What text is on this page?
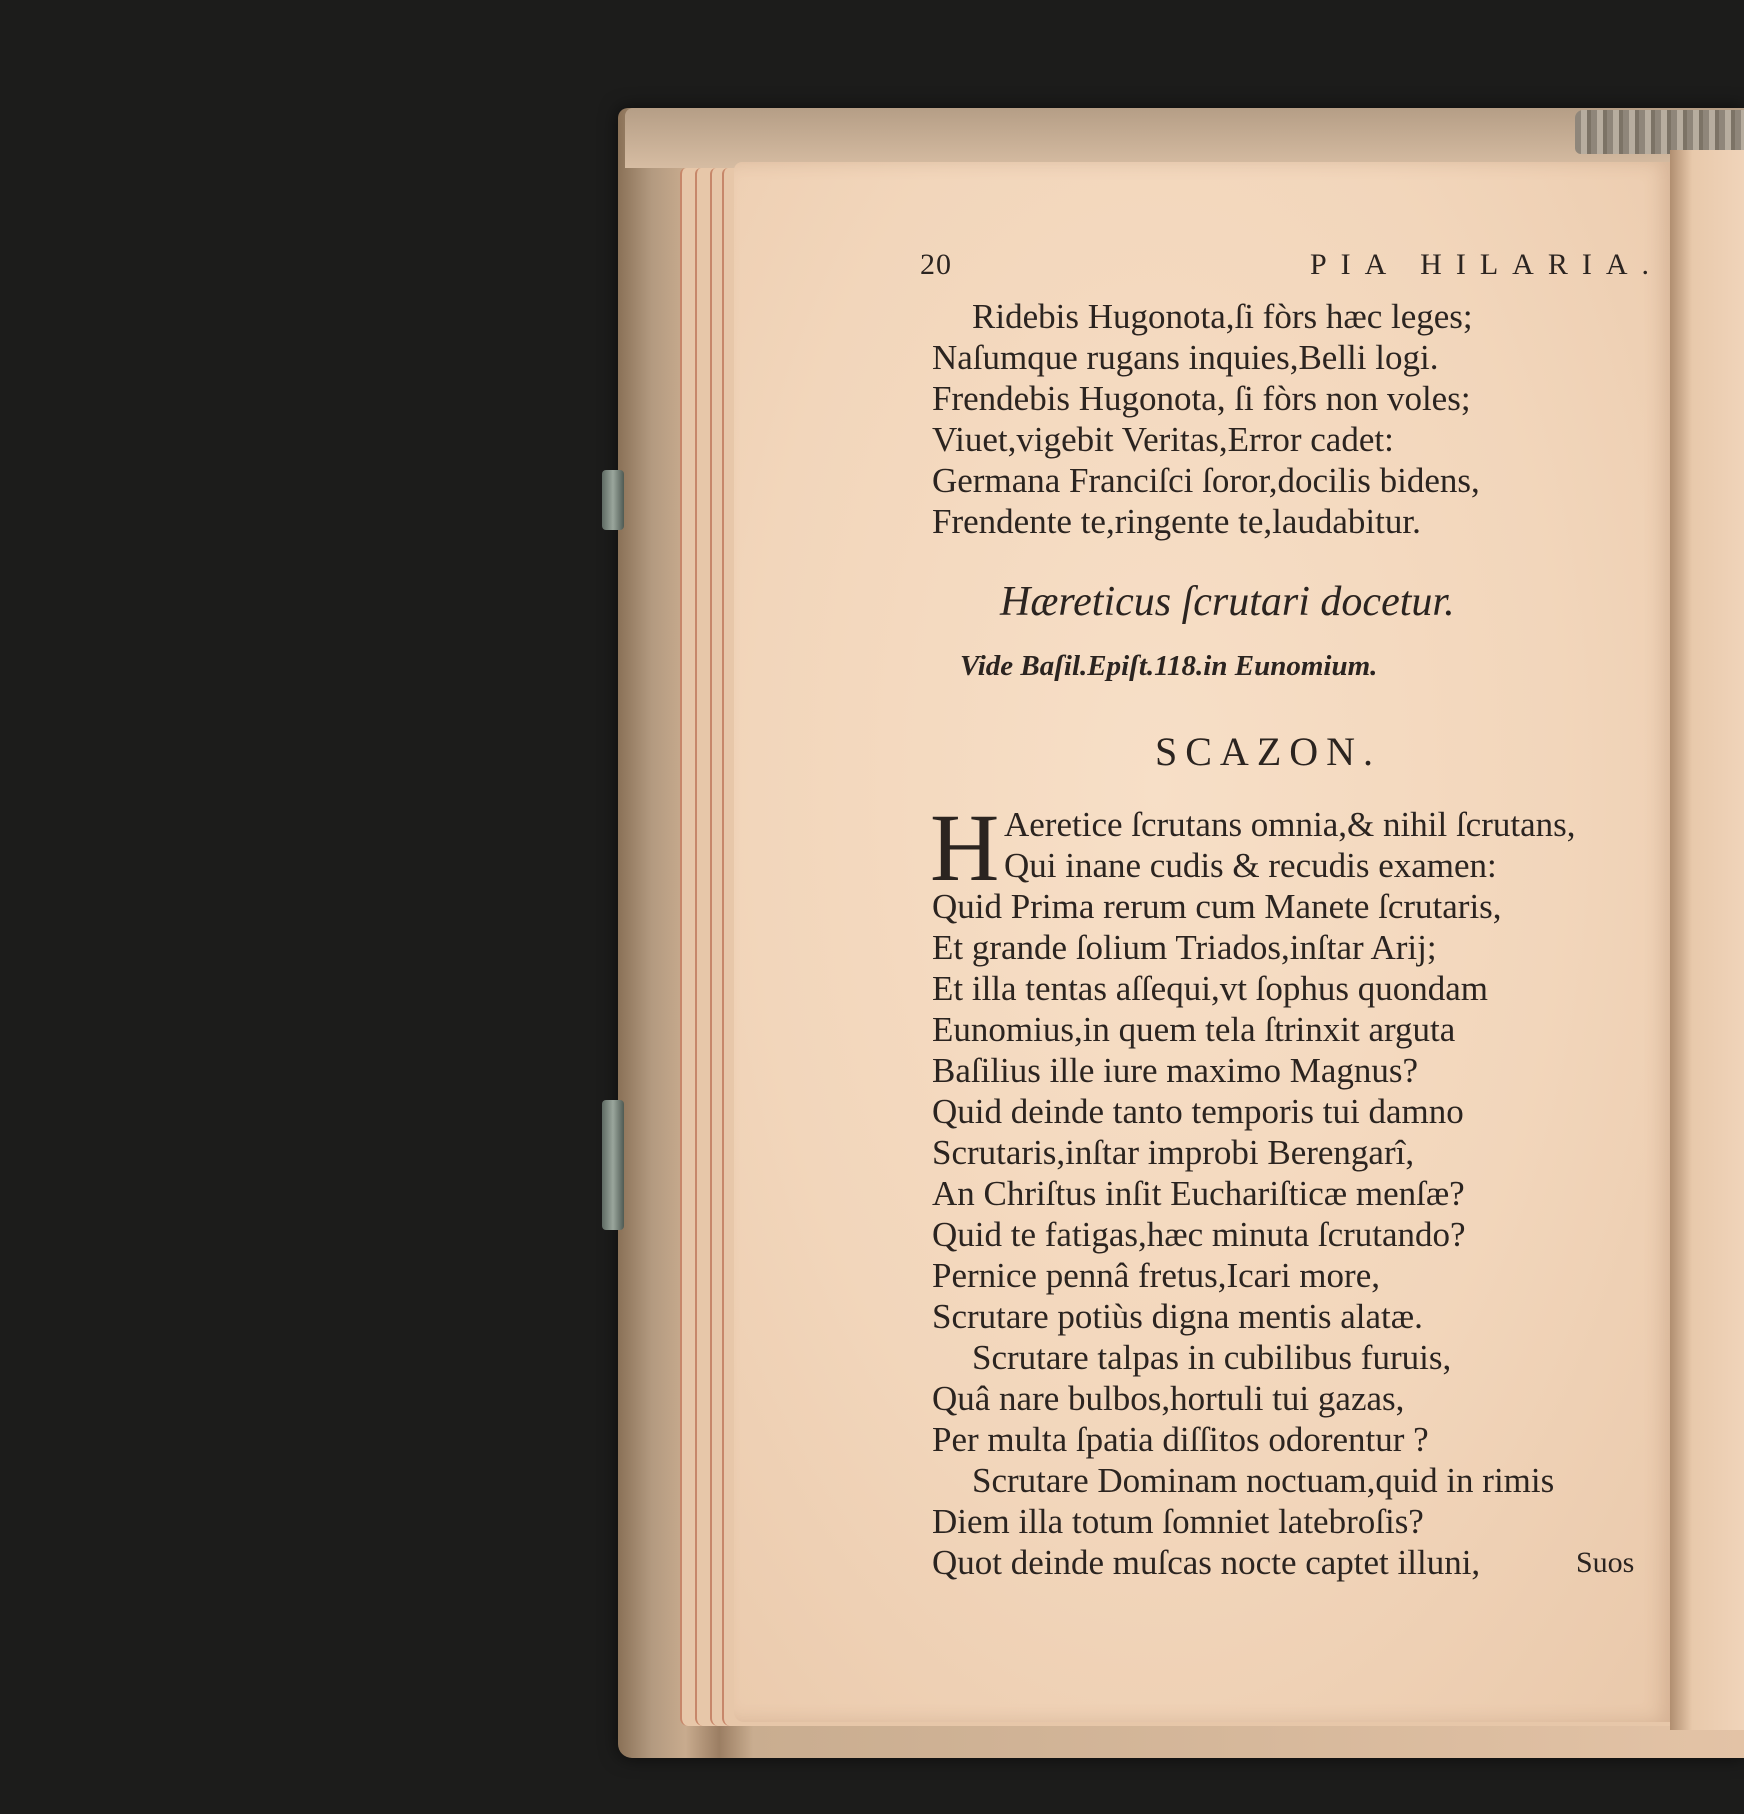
20	PIA HILARIA.
Ridebis Hugonota,ſi fòrs hæc leges;
Naſumque rugans inquies,Belli logi.
Frendebis Hugonota, ſi fòrs non voles;
Viuet,vigebit Veritas,Error cadet:
Germana Franciſci ſoror,docilis bidens,
Frendente te,ringente te,laudabitur.
Hæreticus ſcrutari docetur.
Vide Baſil.Epiſt.118.in Eunomium.
SCAZON.
H Aeretice ſcrutans omnia,& nihil ſcrutans,
Qui inane cudis & recudis examen:
Quid Prima rerum cum Manete ſcrutaris,
Et grande ſolium Triados,inſtar Arij;
Et illa tentas aſſequi,vt ſophus quondam
Eunomius,in quem tela ſtrinxit arguta
Baſilius ille iure maximo Magnus?
Quid deinde tanto temporis tui damno
Scrutaris,inſtar improbi Berengarî,
An Chriſtus inſit Euchariſticæ menſæ?
Quid te fatigas,hæc minuta ſcrutando?
Pernice pennâ fretus,Icari more,
Scrutare potiùs digna mentis alatæ.
Scrutare talpas in cubilibus furuis,
Quâ nare bulbos,hortuli tui gazas,
Per multa ſpatia diſſitos odorentur ?
Scrutare Dominam noctuam,quid in rimis
Diem illa totum ſomniet latebroſis?
Quot deinde muſcas nocte captet illuni,	Suos
